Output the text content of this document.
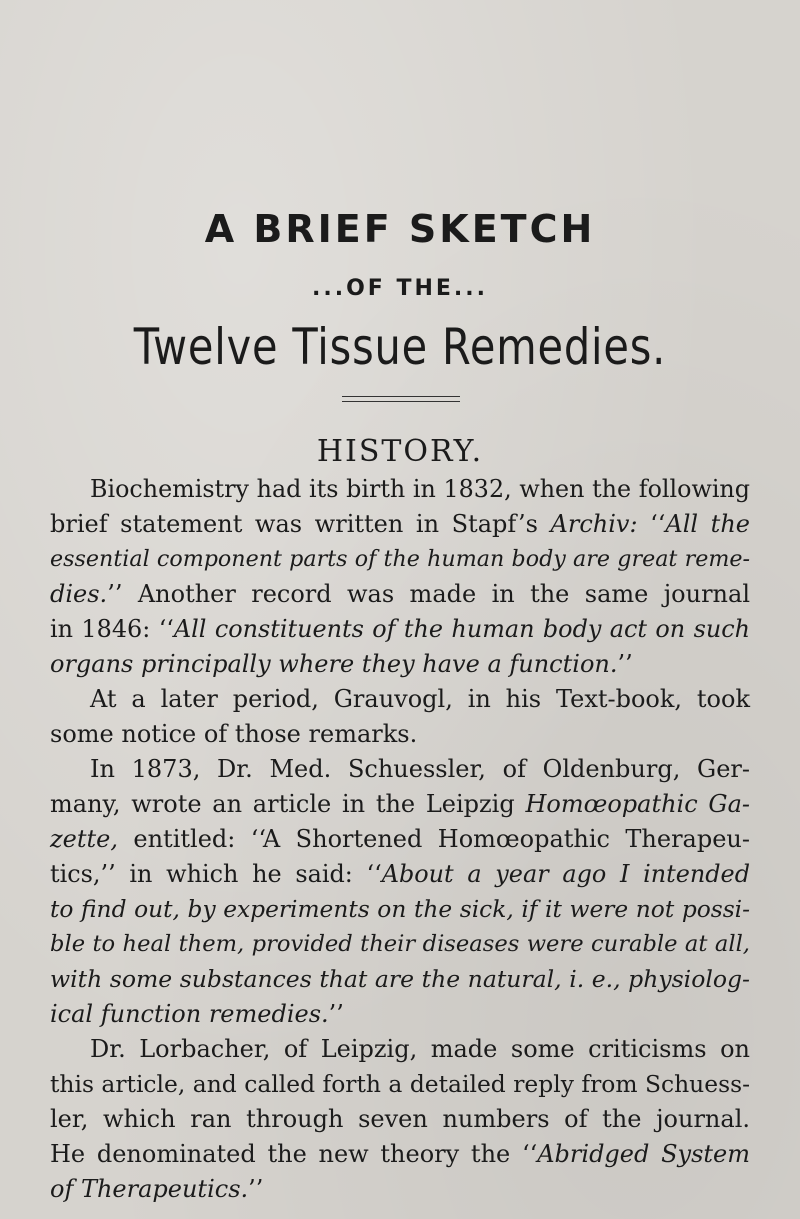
A BRIEF SKETCH
...OF THE...
Twelve Tissue Remedies.
HISTORY.
Biochemistry had its birth in 1832, when the following
brief statement was written in Stapf’s Archiv: ‘‘All the
essential component parts of the human body are great reme-
dies.’’ Another record was made in the same journal
in 1846: ‘‘All constituents of the human body act on such
organs principally where they have a function.’’
At a later period, Grauvogl, in his Text-book, took
some notice of those remarks.
In 1873, Dr. Med. Schuessler, of Oldenburg, Ger-
many, wrote an article in the Leipzig Homœopathic Ga-
zette, entitled: ‘‘A Shortened Homœopathic Therapeu-
tics,’’ in which he said: ‘‘About a year ago I intended
to find out, by experiments on the sick, if it were not possi-
ble to heal them, provided their diseases were curable at all,
with some substances that are the natural, i. e., physiolog-
ical function remedies.’’
Dr. Lorbacher, of Leipzig, made some criticisms on
this article, and called forth a detailed reply from Schuess-
ler, which ran through seven numbers of the journal.
He denominated the new theory the ‘‘Abridged System
of Therapeutics.’’
